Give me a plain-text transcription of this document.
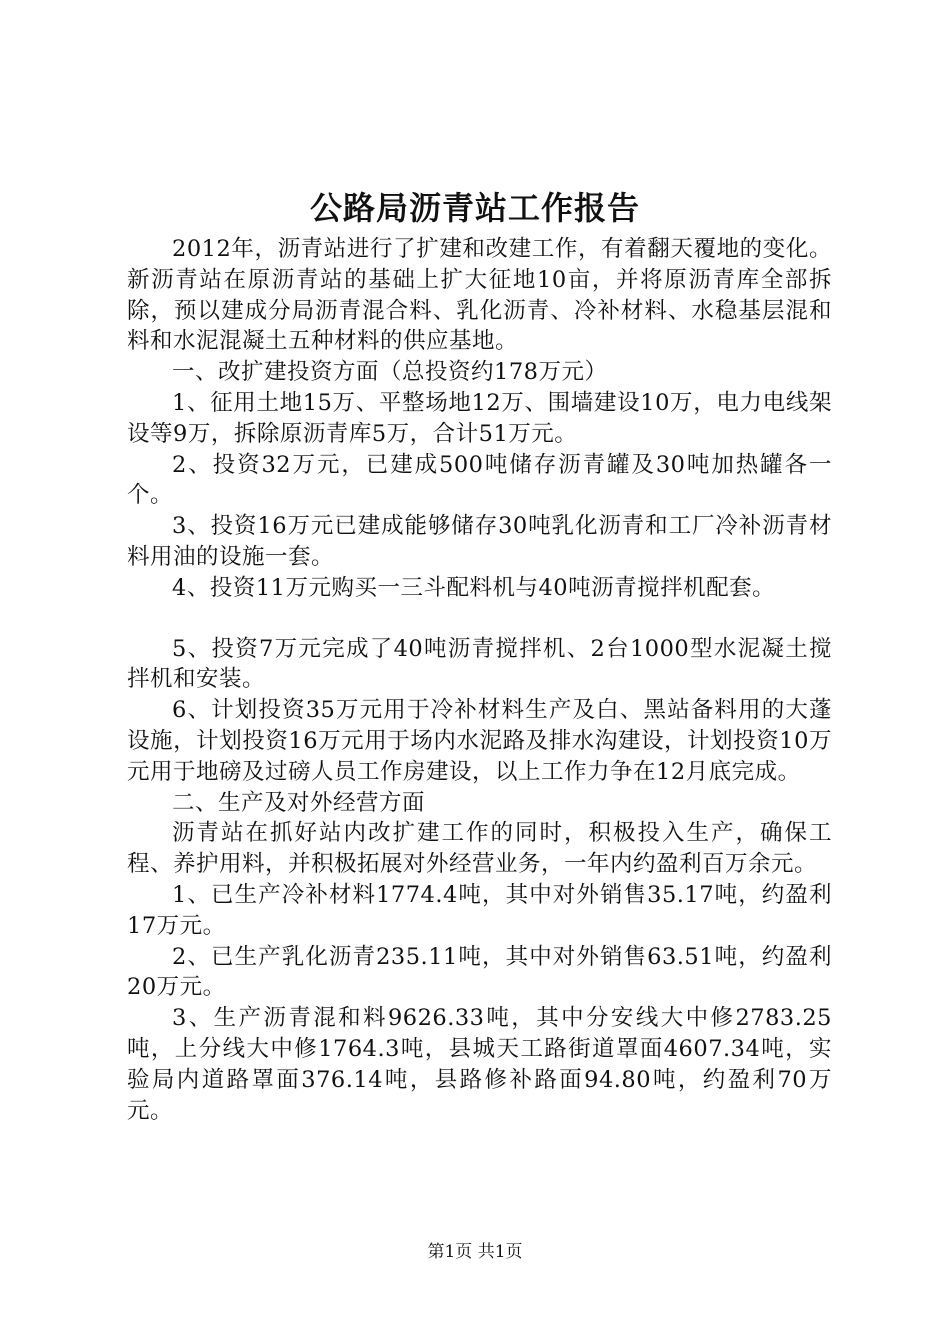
公路局沥青站工作报告

2012年，沥青站进行了扩建和改建工作，有着翻天覆地的变化。新沥青站在原沥青站的基础上扩大征地10亩，并将原沥青库全部拆除，预以建成分局沥青混合料、乳化沥青、冷补材料、水稳基层混和料和水泥混凝土五种材料的供应基地。

一、改扩建投资方面（总投资约178万元）

1、征用土地15万、平整场地12万、围墙建设10万，电力电线架设等9万，拆除原沥青库5万，合计51万元。

2、投资32万元，已建成500吨储存沥青罐及30吨加热罐各一个。

3、投资16万元已建成能够储存30吨乳化沥青和工厂冷补沥青材料用油的设施一套。

4、投资11万元购买一三斗配料机与40吨沥青搅拌机配套。

5、投资7万元完成了40吨沥青搅拌机、2台1000型水泥凝土搅拌机和安装。

6、计划投资35万元用于冷补材料生产及白、黑站备料用的大蓬设施，计划投资16万元用于场内水泥路及排水沟建设，计划投资10万元用于地磅及过磅人员工作房建设，以上工作力争在12月底完成。

二、生产及对外经营方面

沥青站在抓好站内改扩建工作的同时，积极投入生产，确保工程、养护用料，并积极拓展对外经营业务，一年内约盈利百万余元。

1、已生产冷补材料1774.4吨，其中对外销售35.17吨，约盈利17万元。

2、已生产乳化沥青235.11吨，其中对外销售63.51吨，约盈利20万元。

3、生产沥青混和料9626.33吨，其中分安线大中修2783.25吨，上分线大中修1764.3吨，县城天工路街道罩面4607.34吨，实验局内道路罩面376.14吨，县路修补路面94.80吨，约盈利70万元。

第1页 共1页
